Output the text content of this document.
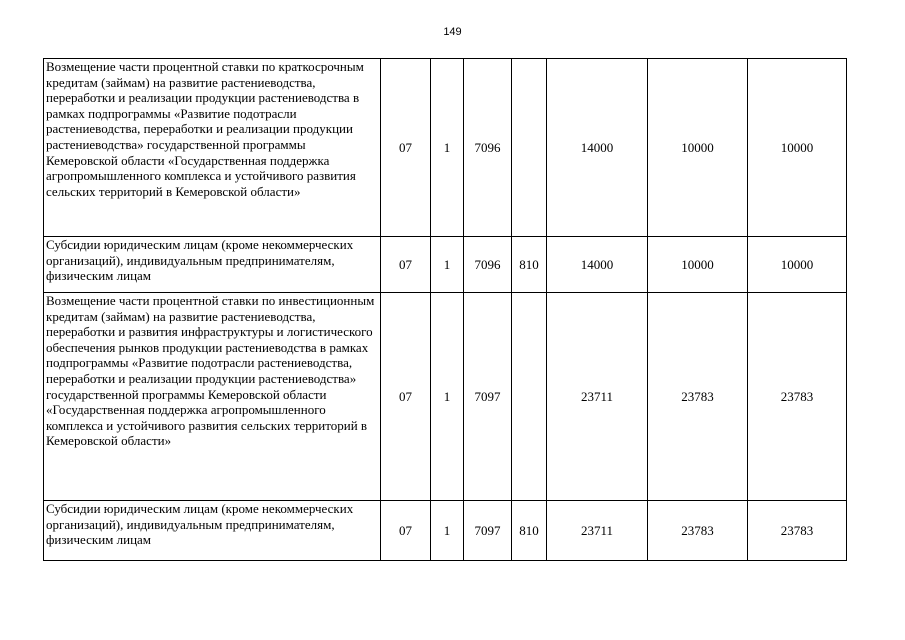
149
Возмещение части процентной ставки по краткосрочным кредитам (займам) на развитие растениеводства, переработки и реализации продукции растениеводства в рамках подпрограммы «Развитие подотрасли растениеводства, переработки и реализации продукции растениеводства» государственной программы Кемеровской области «Государственная поддержка агропромышленного комплекса и устойчивого развития сельских территорий в Кемеровской области»	07	1	7096		14000	10000	10000
Субсидии юридическим лицам (кроме некоммерческих организаций), индивидуальным предпринимателям, физическим лицам	07	1	7096	810	14000	10000	10000
Возмещение части процентной ставки по инвестиционным кредитам (займам) на развитие растениеводства, переработки и развития инфраструктуры и логистического обеспечения рынков продукции растениеводства в рамках подпрограммы «Развитие подотрасли растениеводства, переработки и реализации продукции растениеводства» государственной программы Кемеровской области «Государственная поддержка агропромышленного комплекса и устойчивого развития сельских территорий в Кемеровской области»	07	1	7097		23711	23783	23783
Субсидии юридическим лицам (кроме некоммерческих организаций), индивидуальным предпринимателям, физическим лицам	07	1	7097	810	23711	23783	23783
